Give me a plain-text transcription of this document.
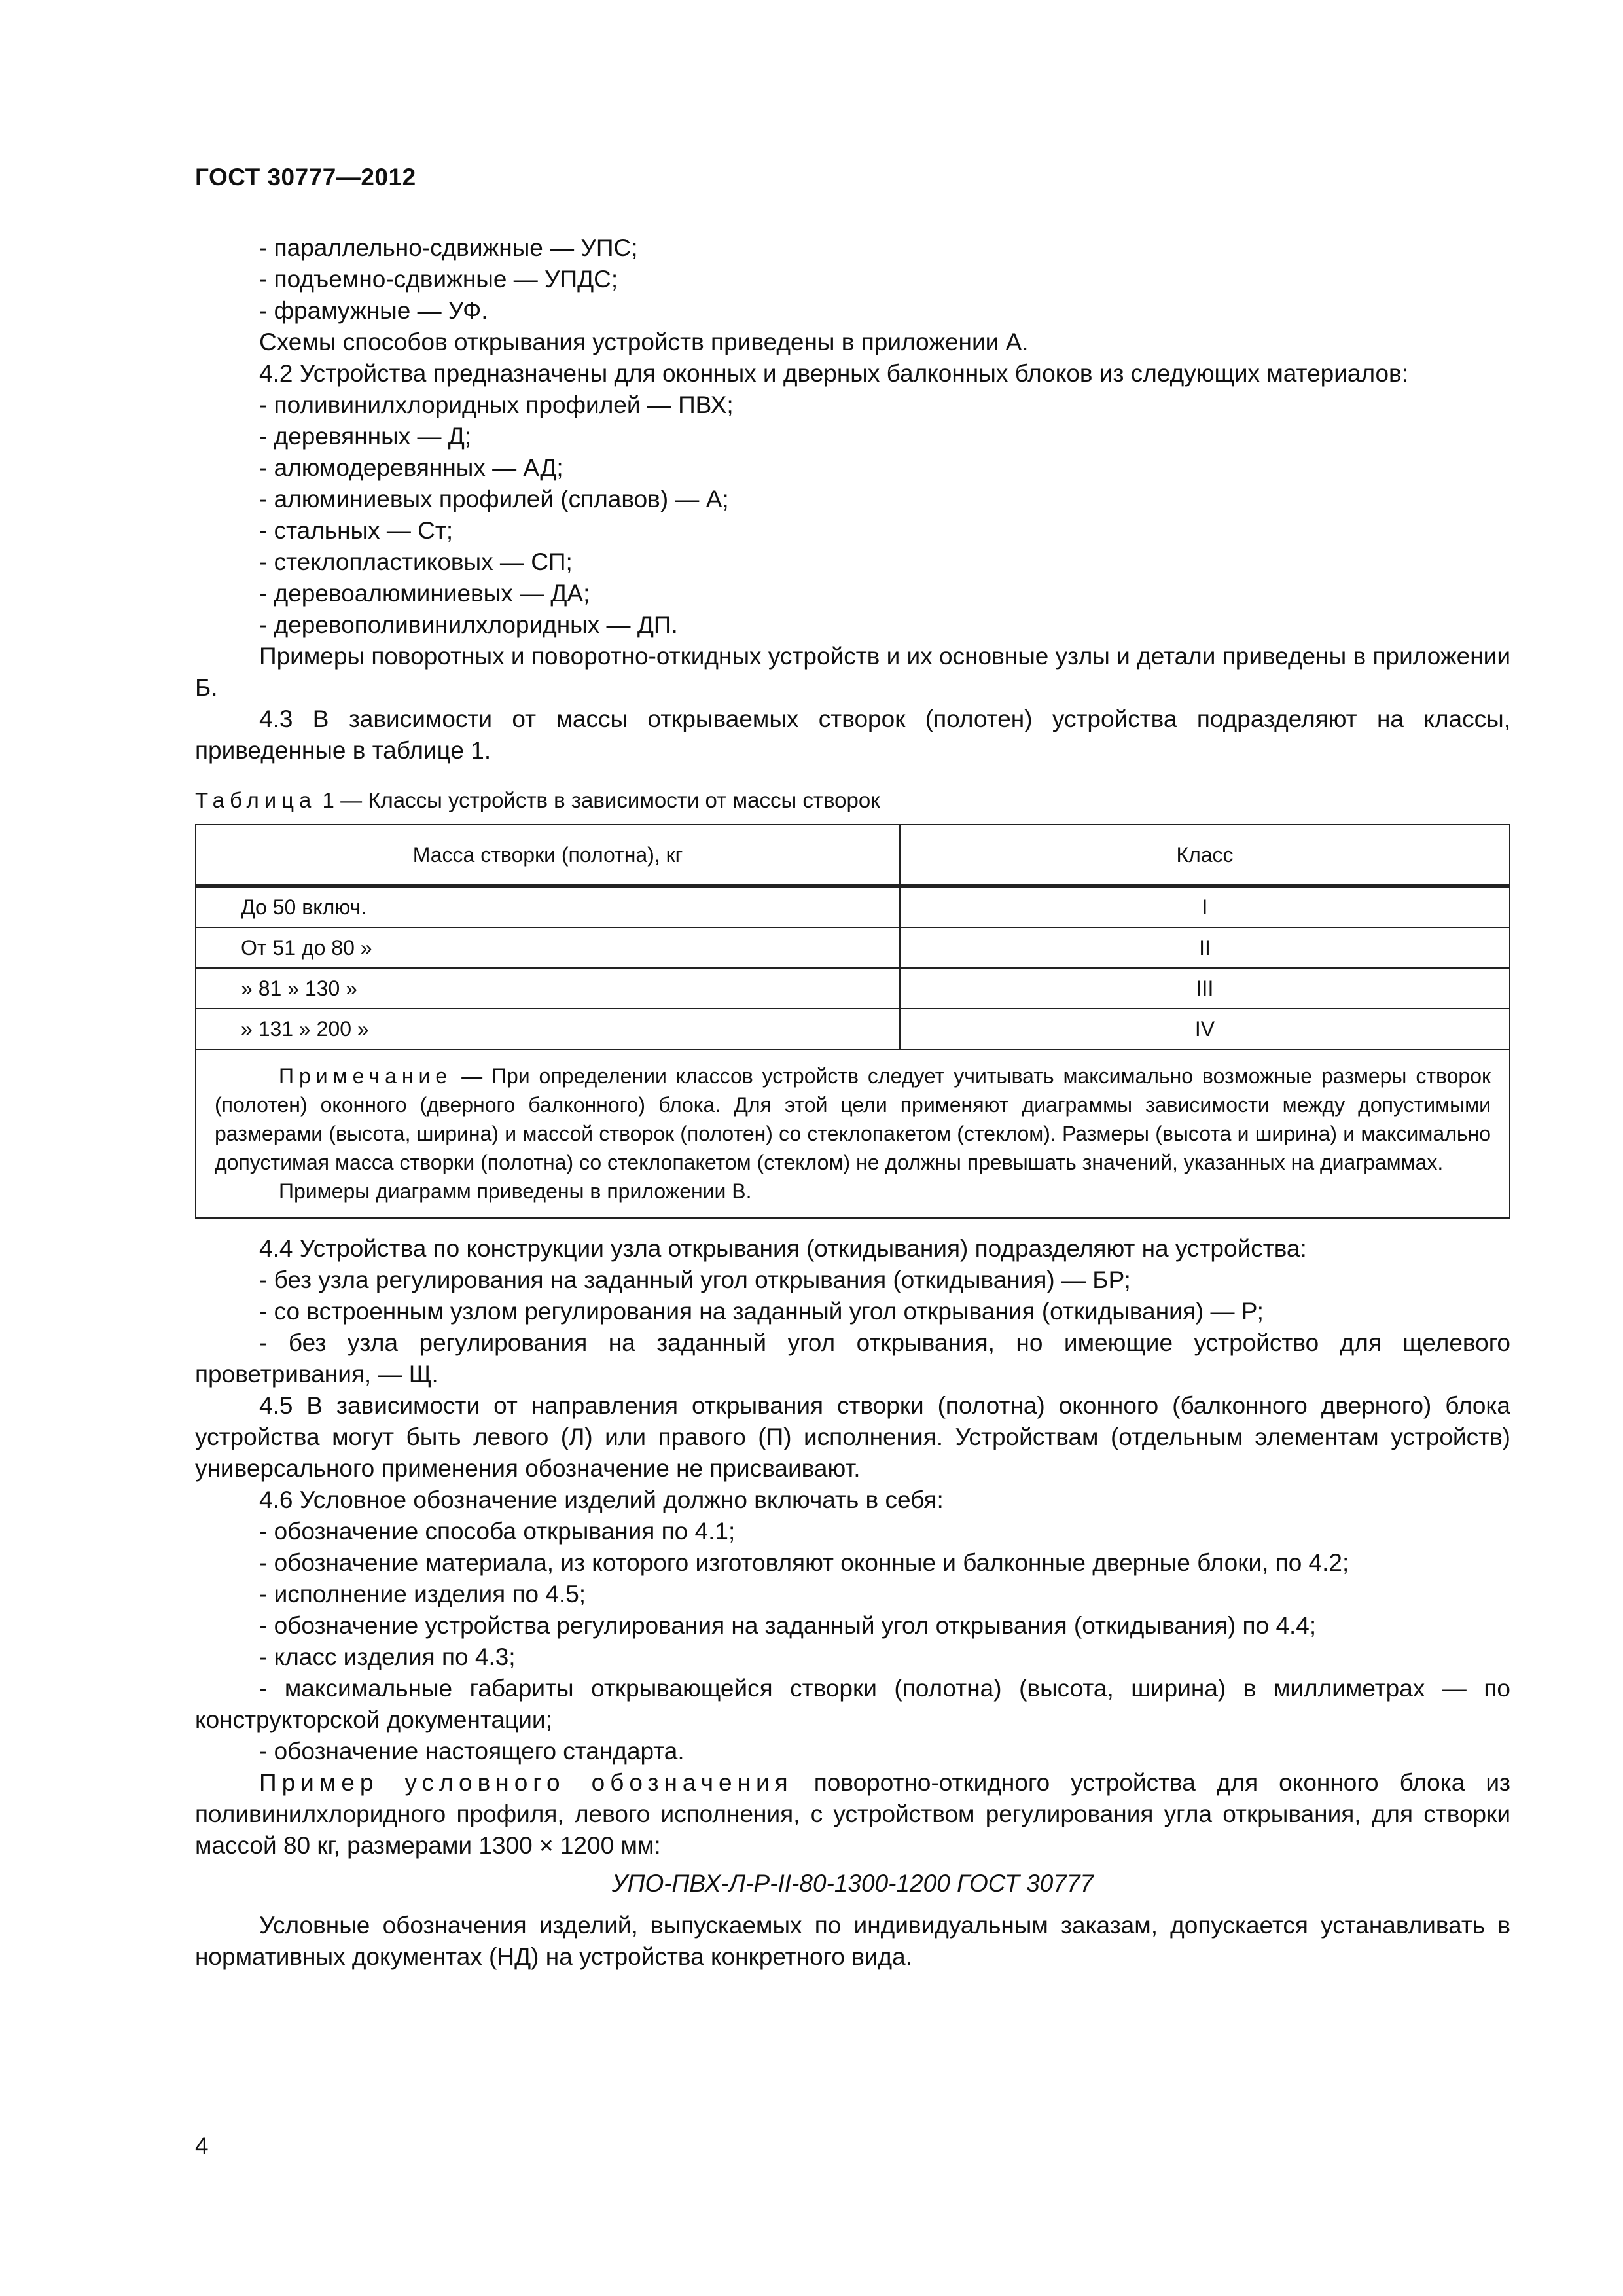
ГОСТ 30777—2012

- параллельно-сдвижные — УПС;

- подъемно-сдвижные — УПДС;

- фрамужные — УФ.

Схемы способов открывания устройств приведены в приложении А.

4.2 Устройства предназначены для оконных и дверных балконных блоков из следующих материалов:

- поливинилхлоридных профилей — ПВХ;

- деревянных — Д;

- алюмодеревянных — АД;

- алюминиевых профилей (сплавов) — А;

- стальных — Ст;

- стеклопластиковых — СП;

- деревоалюминиевых — ДА;

- деревополивинилхлоридных — ДП.

Примеры поворотных и поворотно-откидных устройств и их основные узлы и детали приведены в приложении Б.

4.3 В зависимости от массы открываемых створок (полотен) устройства подразделяют на классы, приведенные в таблице 1.

Таблица 1 — Классы устройств в зависимости от массы створок
Масса створки (полотна), кг	Класс
До 50 включ.	I
От 51 до 80 »	II
» 81 » 130 »	III
» 131 » 200 »	IV

Примечание — При определении классов устройств следует учитывать максимально возможные размеры створок (полотен) оконного (дверного балконного) блока. Для этой цели применяют диаграммы зависимости между допустимыми размерами (высота, ширина) и массой створок (полотен) со стеклопакетом (стеклом). Размеры (высота и ширина) и максимально допустимая масса створки (полотна) со стеклопакетом (стеклом) не должны превышать значений, указанных на диаграммах.

Примеры диаграмм приведены в приложении В.	

4.4 Устройства по конструкции узла открывания (откидывания) подразделяют на устройства:

- без узла регулирования на заданный угол открывания (откидывания) — БР;

- со встроенным узлом регулирования на заданный угол открывания (откидывания) — Р;

- без узла регулирования на заданный угол открывания, но имеющие устройство для щелевого проветривания, — Щ.

4.5 В зависимости от направления открывания створки (полотна) оконного (балконного дверного) блока устройства могут быть левого (Л) или правого (П) исполнения. Устройствам (отдельным элементам устройств) универсального применения обозначение не присваивают.

4.6 Условное обозначение изделий должно включать в себя:

- обозначение способа открывания по 4.1;

- обозначение материала, из которого изготовляют оконные и балконные дверные блоки, по 4.2;

- исполнение изделия по 4.5;

- обозначение устройства регулирования на заданный угол открывания (откидывания) по 4.4;

- класс изделия по 4.3;

- максимальные габариты открывающейся створки (полотна) (высота, ширина) в миллиметрах — по конструкторской документации;

- обозначение настоящего стандарта.

Пример условного обозначения поворотно-откидного устройства для оконного блока из поливинилхлоридного профиля, левого исполнения, с устройством регулирования угла открывания, для створки массой 80 кг, размерами 1300 × 1200 мм:

УПО-ПВХ-Л-Р-II-80-1300-1200 ГОСТ 30777

Условные обозначения изделий, выпускаемых по индивидуальным заказам, допускается устанавливать в нормативных документах (НД) на устройства конкретного вида.

4
